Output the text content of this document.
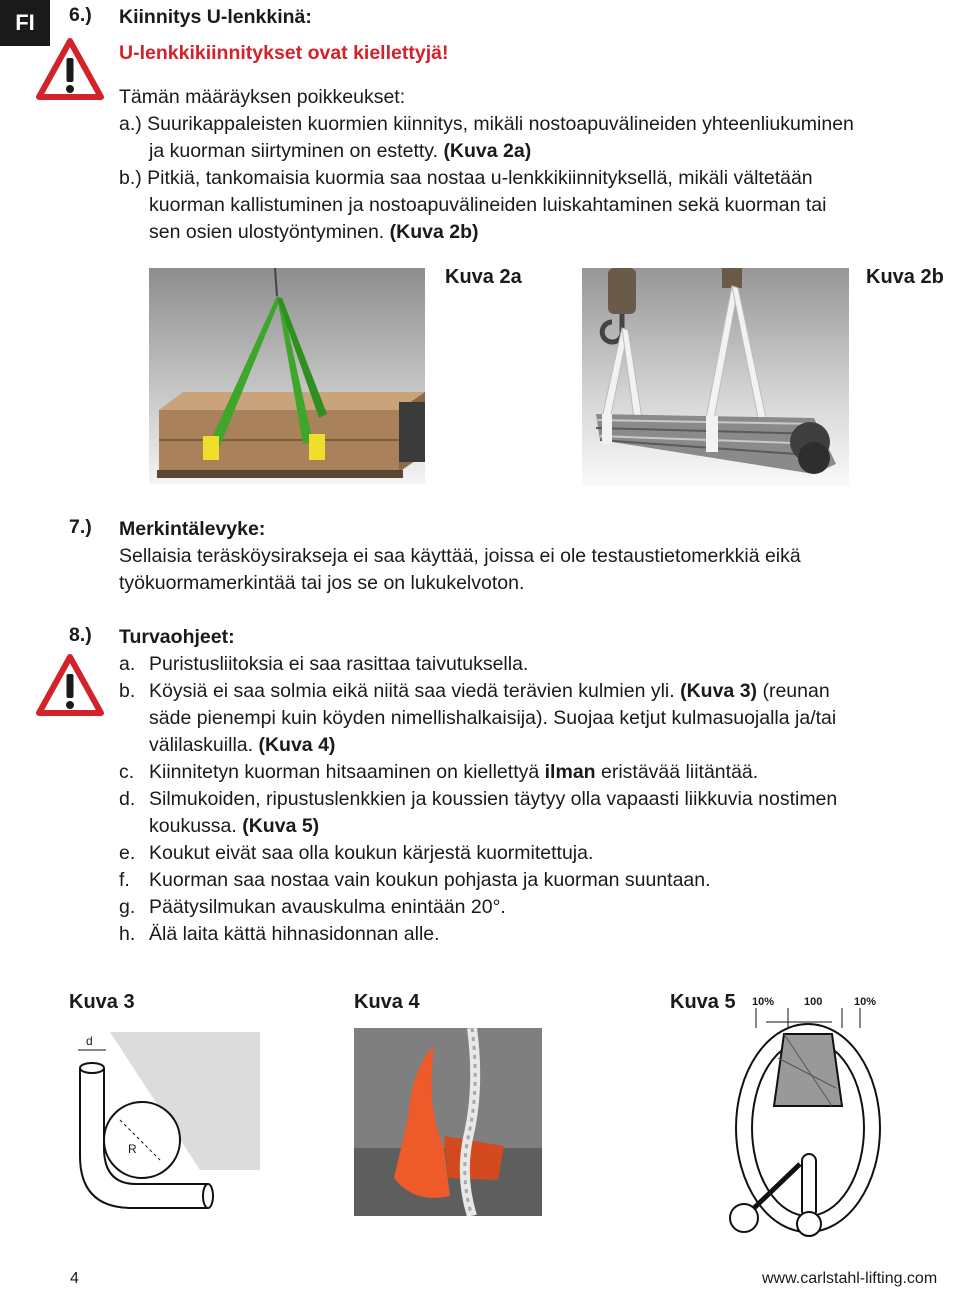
FI	6.) Kiinnitys U-lenkkinä:
U-lenkkikiinnitykset ovat kiellettyjä!
Tämän määräyksen poikkeukset:
a.) Suurikappaleisten kuormien kiinnitys, mikäli nostoapuvälineiden yhteenliukuminen
ja kuorman siirtyminen on estetty. (Kuva 2a)
b.) Pitkiä, tankomaisia kuormia saa nostaa u-lenkkikiinnityksellä, mikäli vältetään
kuorman kallistuminen ja nostoapuvälineiden luiskahtaminen sekä kuorman tai
sen osien ulostyöntyminen. (Kuva 2b)
Kuva 2a	Kuva 2b
7.) Merkintälevyke:
Sellaisia teräsköysirakseja ei saa käyttää, joissa ei ole testaustietomerkkiä eikä
työkuormamerkintää tai jos se on lukukelvoton.
8.) Turvaohjeet:
a. Puristusliitoksia ei saa rasittaa taivutuksella.
b. Köysiä ei saa solmia eikä niitä saa viedä terävien kulmien yli. (Kuva 3) (reunan
säde pienempi kuin köyden nimellishalkaisija). Suojaa ketjut kulmasuojalla ja/tai
välilaskuilla. (Kuva 4)
c. Kiinnitetyn kuorman hitsaaminen on kiellettyä ilman eristävää liitäntää.
d. Silmukoiden, ripustuslenkkien ja koussien täytyy olla vapaasti liikkuvia nostimen
koukussa. (Kuva 5)
e. Koukut eivät saa olla koukun kärjestä kuormitettuja.
f. Kuorman saa nostaa vain koukun pohjasta ja kuorman suuntaan.
g. Päätysilmukan avauskulma enintään 20°.
h. Älä laita kättä hihnasidonnan alle.
Kuva 3	Kuva 4	Kuva 5
d
R
10%	100	10%
4	www.carlstahl-lifting.com
